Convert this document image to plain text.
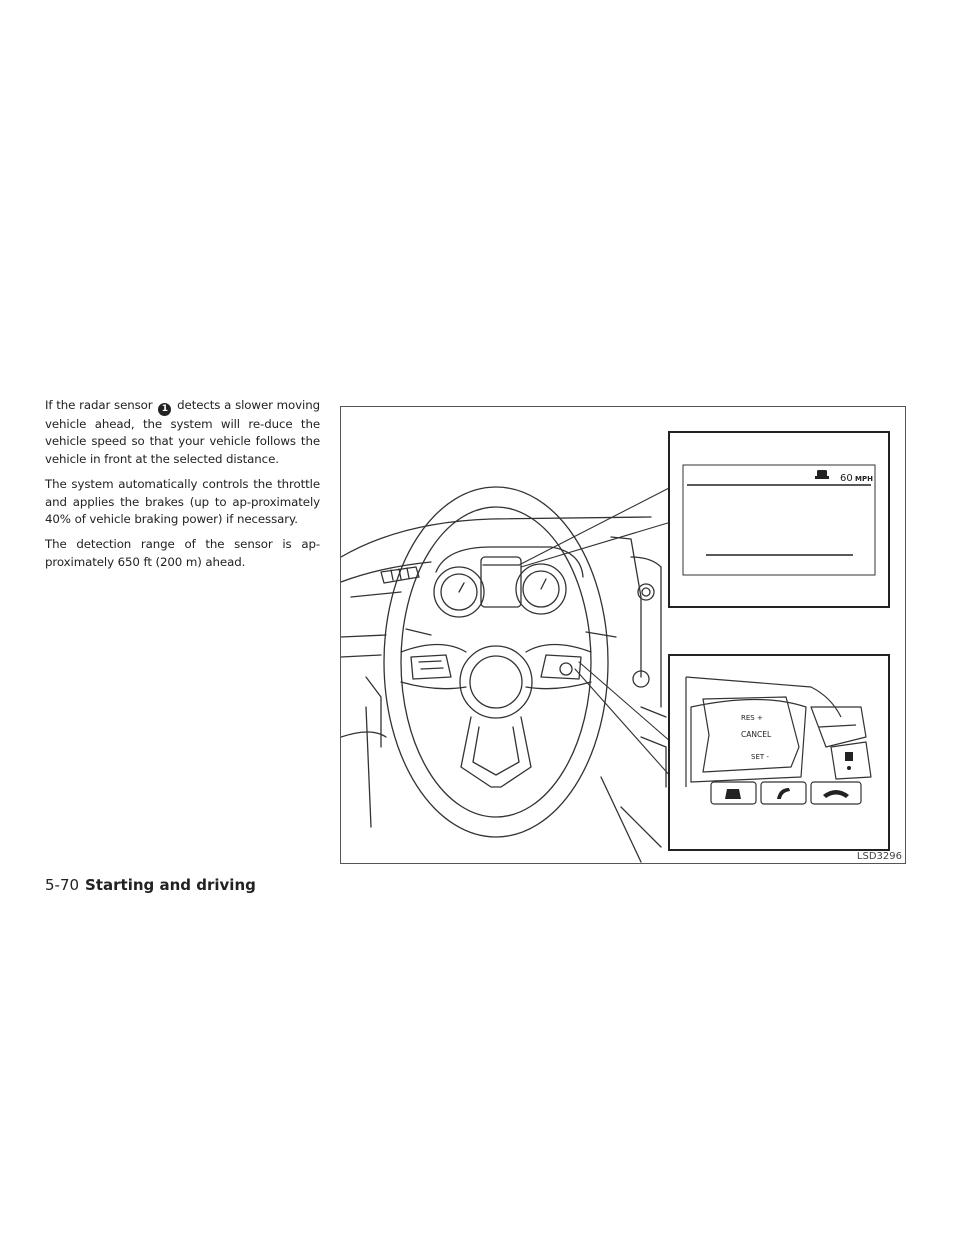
If the radar sensor 1 detects a slower moving vehicle ahead, the system will re-duce the vehicle speed so that your vehicle follows the vehicle in front at the selected distance.

The system automatically controls the throttle and applies the brakes (up to ap-proximately 40% of vehicle braking power) if necessary.

The detection range of the sensor is ap-proximately 650 ft (200 m) ahead.

60 MPH
RES +
CANCEL
SET -
LSD3296
5-70 Starting and driving
